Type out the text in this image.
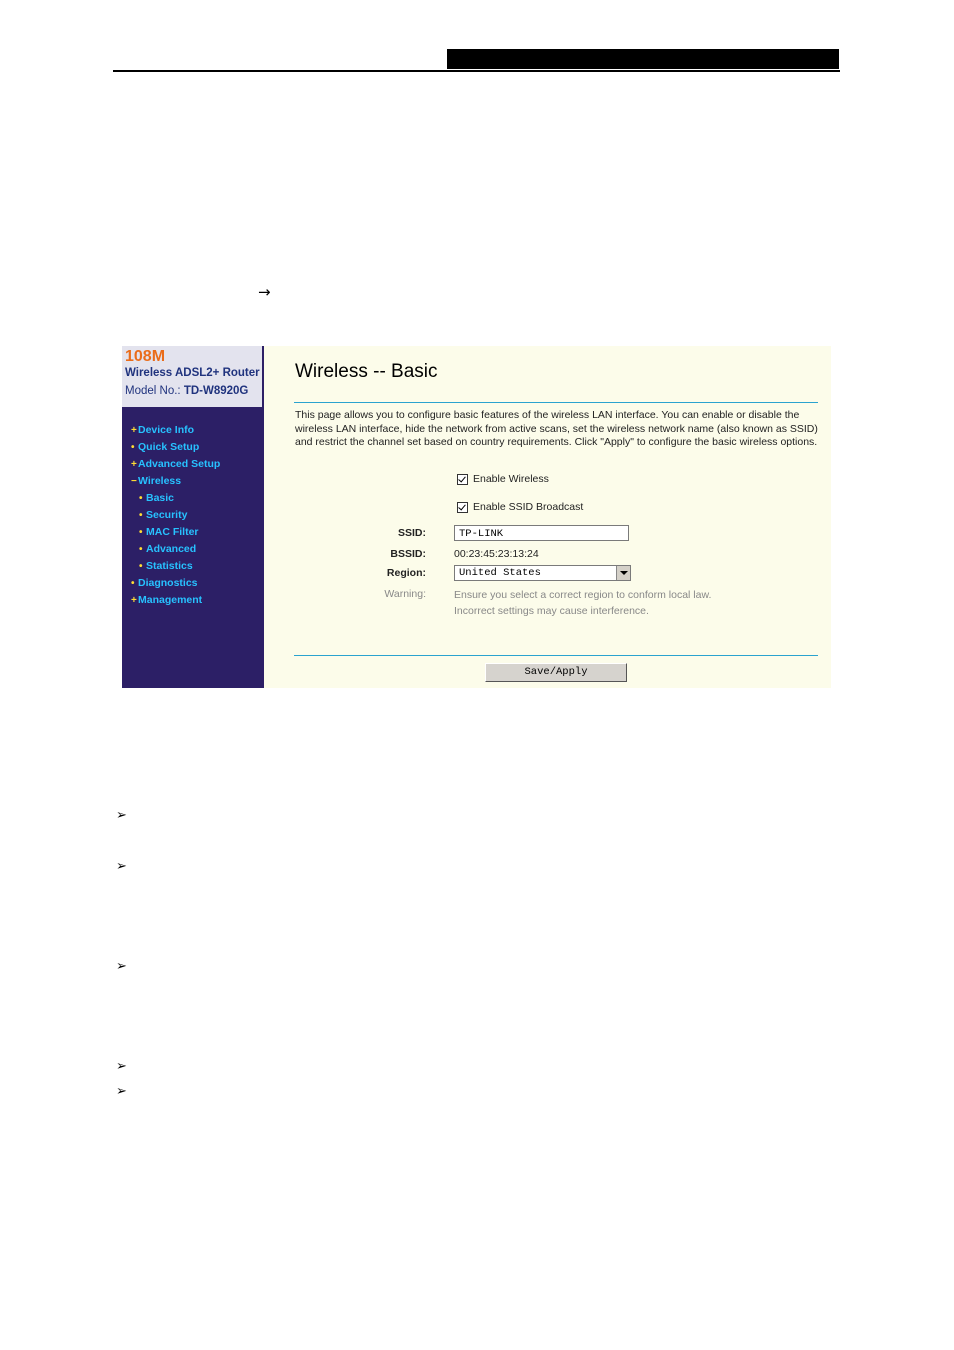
→
108M
Wireless ADSL2+ Router
Model No.: TD-W8920G
+Device Info
• Quick Setup
+Advanced Setup
−Wireless
• Basic
• Security
• MAC Filter
• Advanced
• Statistics
• Diagnostics
+Management
Wireless -- Basic
This page allows you to configure basic features of the wireless LAN interface. You can enable or disable the wireless LAN interface, hide the network from active scans, set the wireless network name (also known as SSID) and restrict the channel set based on country requirements. Click "Apply" to configure the basic wireless options.
Enable Wireless
Enable SSID Broadcast
SSID:	TP-LINK
BSSID:	00:23:45:23:13:24
Region:	United States
Warning:	Ensure you select a correct region to conform local law.
Incorrect settings may cause interference.
Save/Apply
➢
➢
➢
➢
➢
